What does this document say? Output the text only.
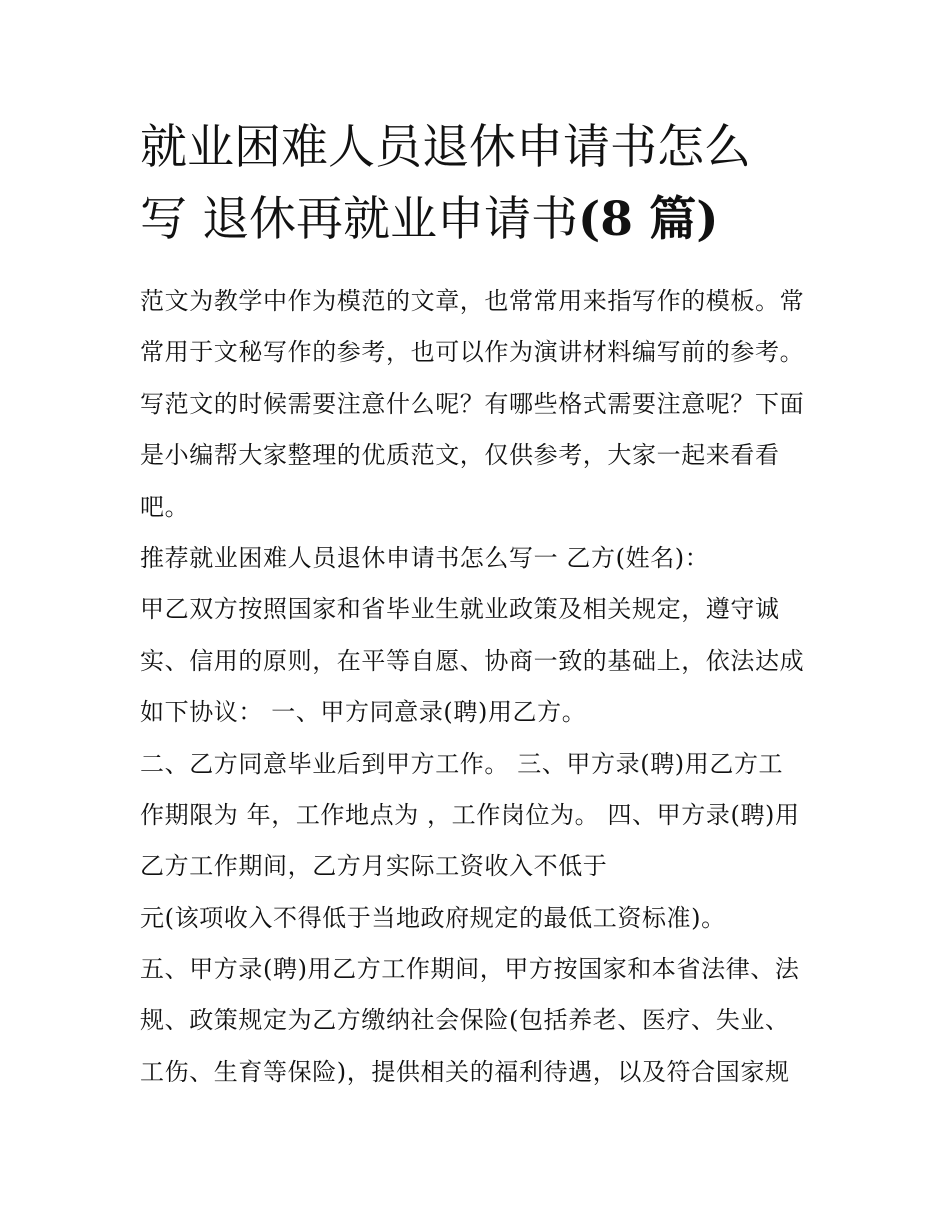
就业困难人员退休申请书怎么
写 退休再就业申请书(8 篇)
范文为教学中作为模范的文章，也常常用来指写作的模板。常
常用于文秘写作的参考，也可以作为演讲材料编写前的参考。
写范文的时候需要注意什么呢？有哪些格式需要注意呢？下面
是小编帮大家整理的优质范文，仅供参考，大家一起来看看
吧。
推荐就业困难人员退休申请书怎么写一 乙方(姓名)：
甲乙双方按照国家和省毕业生就业政策及相关规定，遵守诚
实、信用的原则，在平等自愿、协商一致的基础上，依法达成
如下协议： 一、甲方同意录(聘)用乙方。
二、乙方同意毕业后到甲方工作。 三、甲方录(聘)用乙方工
作期限为 年，工作地点为 ，工作岗位为。 四、甲方录(聘)用
乙方工作期间，乙方月实际工资收入不低于
元(该项收入不得低于当地政府规定的最低工资标准)。
五、甲方录(聘)用乙方工作期间，甲方按国家和本省法律、法
规、政策规定为乙方缴纳社会保险(包括养老、医疗、失业、
工伤、生育等保险)，提供相关的福利待遇，以及符合国家规
